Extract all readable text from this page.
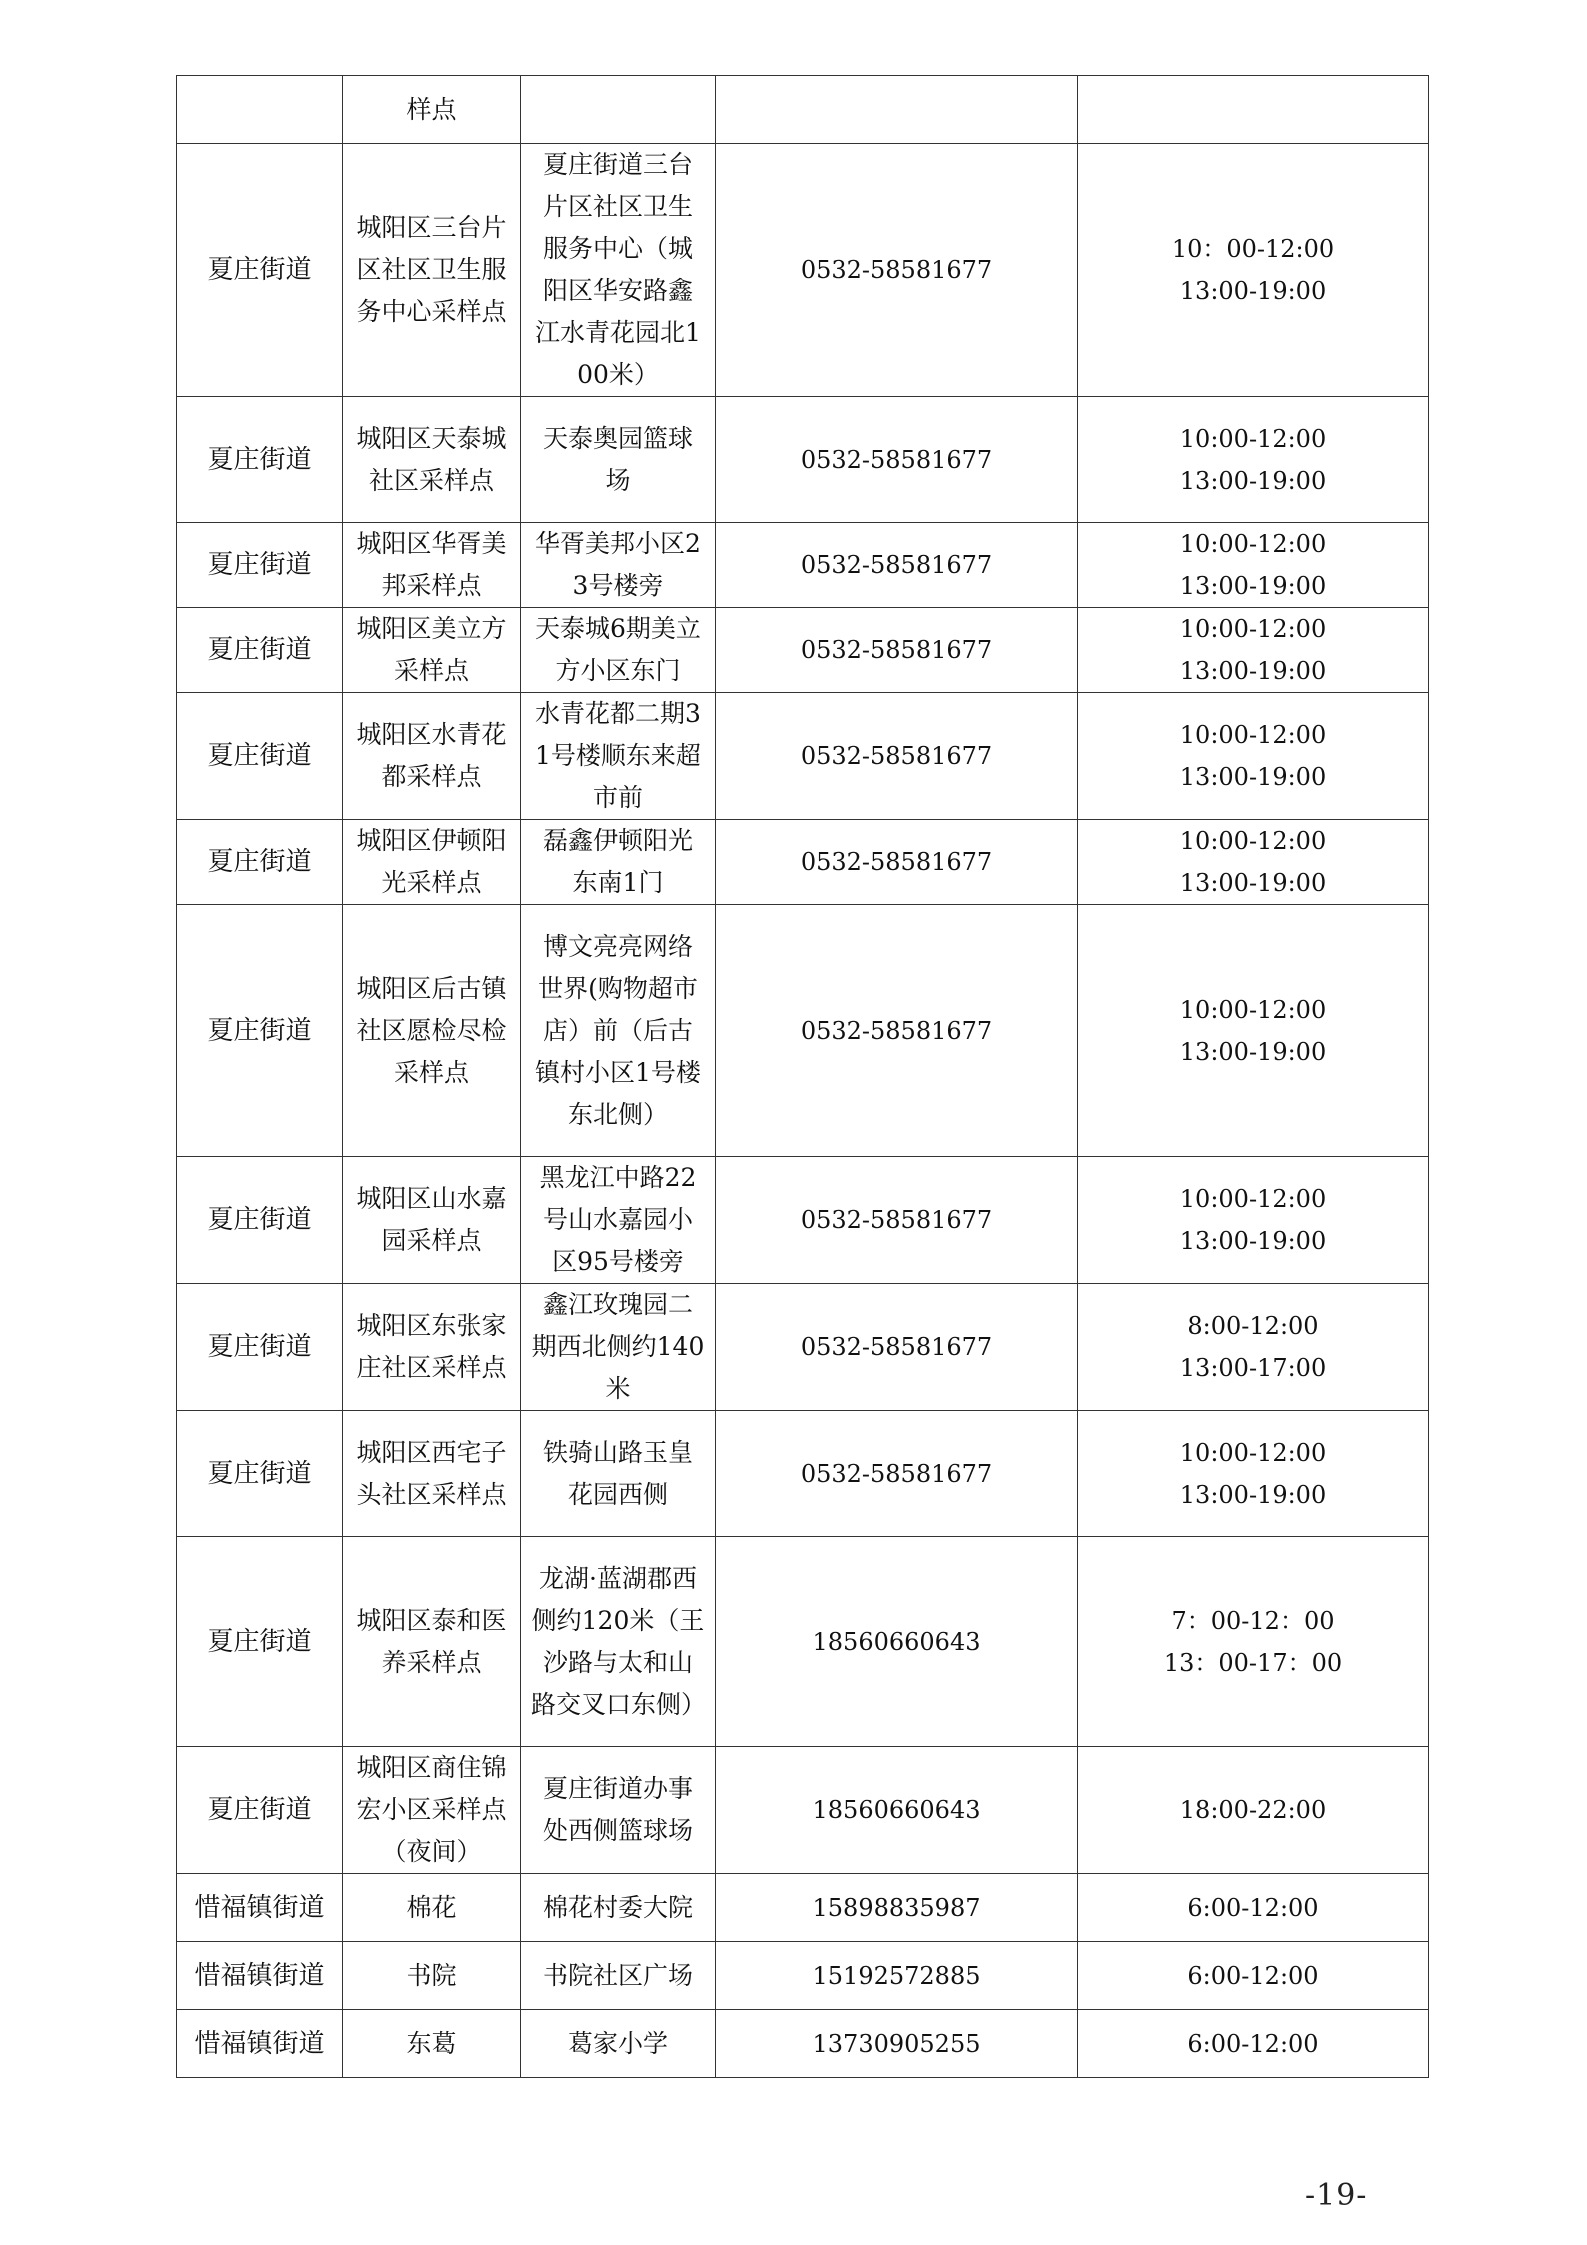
	样点			
夏庄街道	城阳区三台片区社区卫生服务中心采样点	夏庄街道三台片区社区卫生服务中心（城阳区华安路鑫江水青花园北100米）	0532-58581677	10：00-12:00
13:00-19:00

夏庄街道	城阳区天泰城社区采样点	天泰奥园篮球场	0532-58581677	10:00-12:00
13:00-19:00

夏庄街道	城阳区华胥美邦采样点	华胥美邦小区23号楼旁	0532-58581677	10:00-12:00
13:00-19:00

夏庄街道	城阳区美立方采样点	天泰城6期美立方小区东门	0532-58581677	10:00-12:00
13:00-19:00

夏庄街道	城阳区水青花都采样点	水青花都二期31号楼顺东来超市前	0532-58581677	10:00-12:00
13:00-19:00

夏庄街道	城阳区伊顿阳光采样点	磊鑫伊顿阳光东南1门	0532-58581677	10:00-12:00
13:00-19:00

夏庄街道	城阳区后古镇社区愿检尽检采样点	博文亮亮网络世界(购物超市店）前（后古镇村小区1号楼东北侧）	0532-58581677	10:00-12:00
13:00-19:00

夏庄街道	城阳区山水嘉园采样点	黑龙江中路22号山水嘉园小区95号楼旁	0532-58581677	10:00-12:00
13:00-19:00

夏庄街道	城阳区东张家庄社区采样点	鑫江玫瑰园二期西北侧约140米	0532-58581677	8:00-12:00
13:00-17:00

夏庄街道	城阳区西宅子头社区采样点	铁骑山路玉皇花园西侧	0532-58581677	10:00-12:00
13:00-19:00

夏庄街道	城阳区泰和医养采样点	龙湖·蓝湖郡西侧约120米（王沙路与太和山路交叉口东侧）	18560660643	7：00-12：00
13：00-17：00

夏庄街道	城阳区商住锦宏小区采样点（夜间）	夏庄街道办事处西侧篮球场	18560660643	18:00-22:00

惜福镇街道	棉花	棉花村委大院	15898835987	6:00-12:00

惜福镇街道	书院	书院社区广场	15192572885	6:00-12:00

惜福镇街道	东葛	葛家小学	13730905255	6:00-12:00
-19-
